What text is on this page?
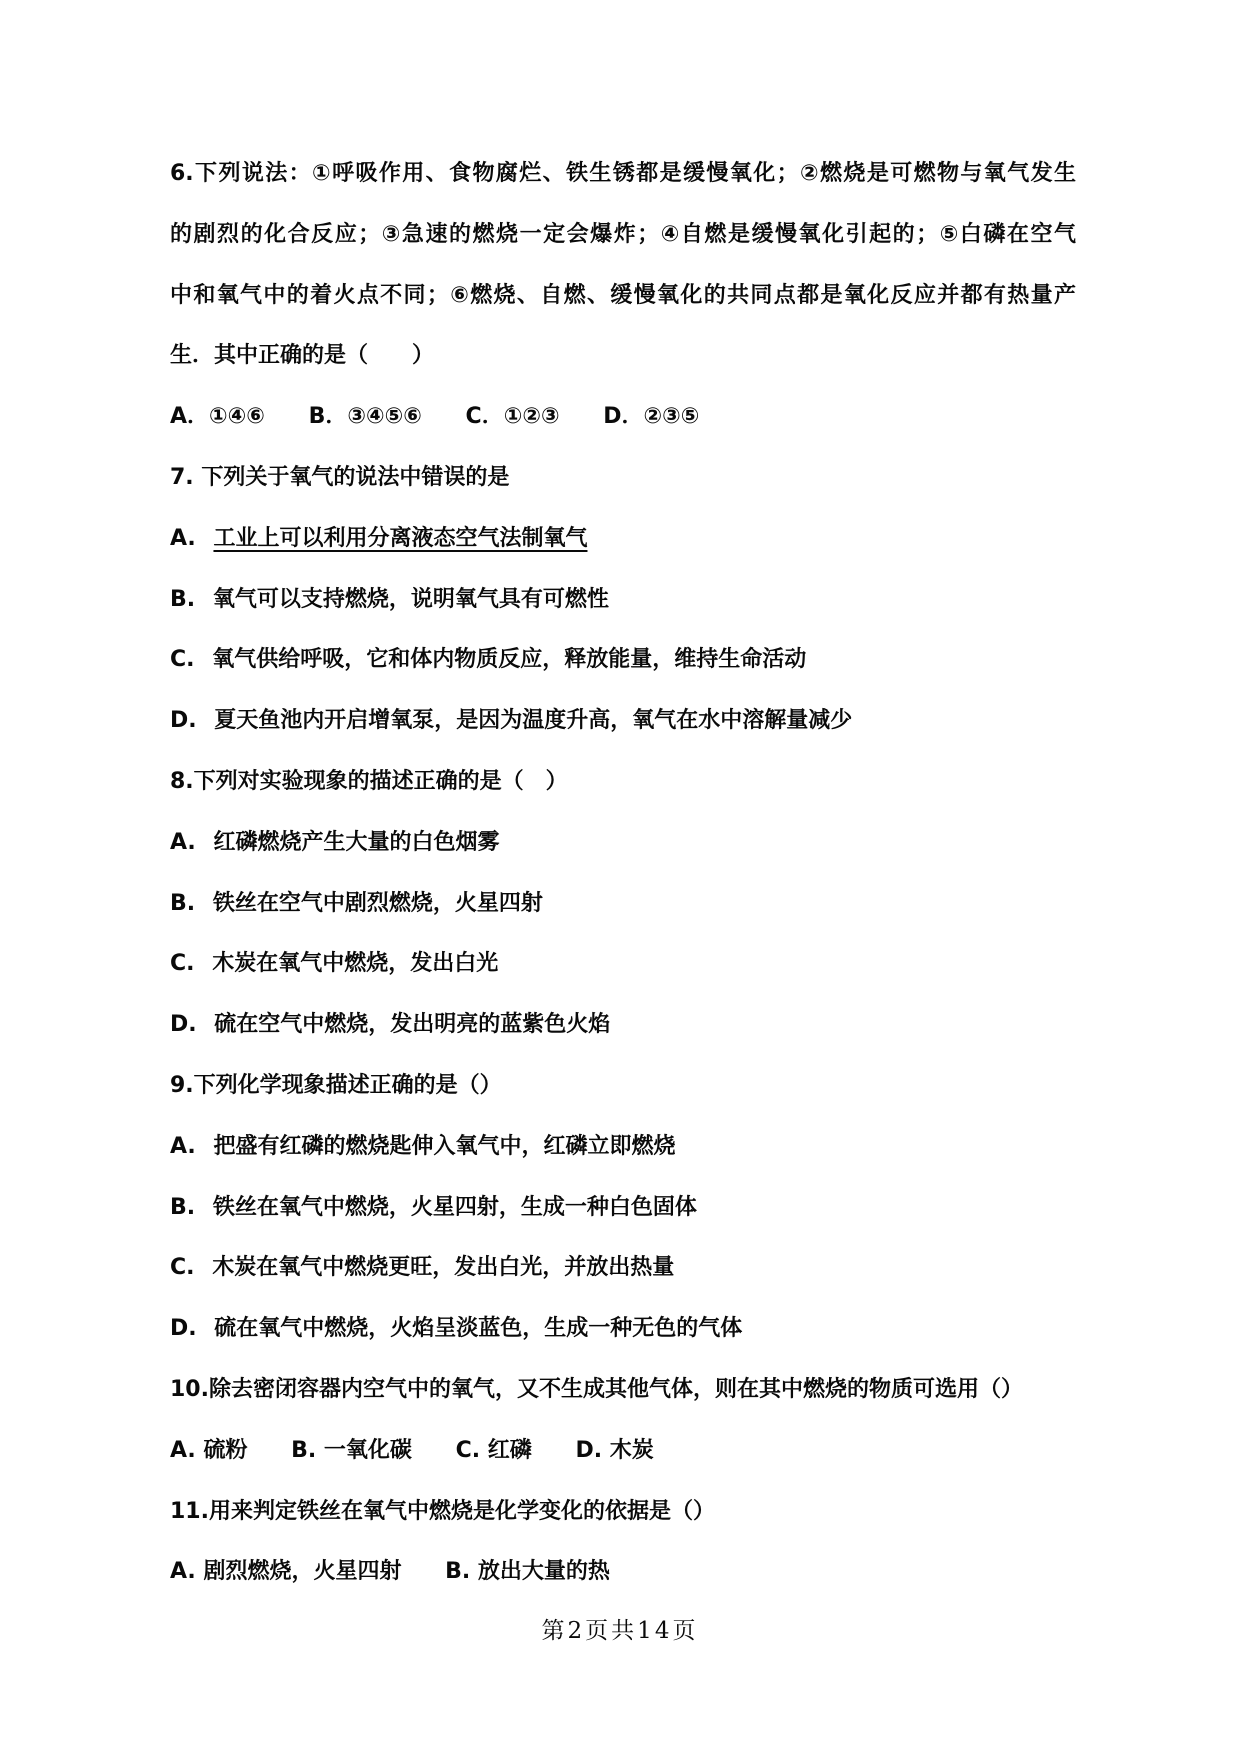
6.下列说法：①呼吸作用、食物腐烂、铁生锈都是缓慢氧化；②燃烧是可燃物与氧气发生
的剧烈的化合反应；③急速的燃烧一定会爆炸；④自燃是缓慢氧化引起的；⑤白磷在空气
中和氧气中的着火点不同；⑥燃烧、自燃、缓慢氧化的共同点都是氧化反应并都有热量产
生．其中正确的是（　　）
A．①④⑥ B．③④⑤⑥ C．①②③ D．②③⑤
7. 下列关于氧气的说法中错误的是
A. 工业上可以利用分离液态空气法制氧气
B. 氧气可以支持燃烧，说明氧气具有可燃性
C. 氧气供给呼吸，它和体内物质反应，释放能量，维持生命活动
D. 夏天鱼池内开启增氧泵，是因为温度升高，氧气在水中溶解量减少
8.下列对实验现象的描述正确的是（　）
A. 红磷燃烧产生大量的白色烟雾
B. 铁丝在空气中剧烈燃烧，火星四射
C. 木炭在氧气中燃烧，发出白光
D. 硫在空气中燃烧，发出明亮的蓝紫色火焰
9.下列化学现象描述正确的是（）
A. 把盛有红磷的燃烧匙伸入氧气中，红磷立即燃烧
B. 铁丝在氧气中燃烧，火星四射，生成一种白色固体
C. 木炭在氧气中燃烧更旺，发出白光，并放出热量
D. 硫在氧气中燃烧，火焰呈淡蓝色，生成一种无色的气体
10.除去密闭容器内空气中的氧气，又不生成其他气体，则在其中燃烧的物质可选用（）
A. 硫粉 B. 一氧化碳 C. 红磷 D. 木炭
11.用来判定铁丝在氧气中燃烧是化学变化的依据是（）
A. 剧烈燃烧，火星四射 B. 放出大量的热
第2页共14页
